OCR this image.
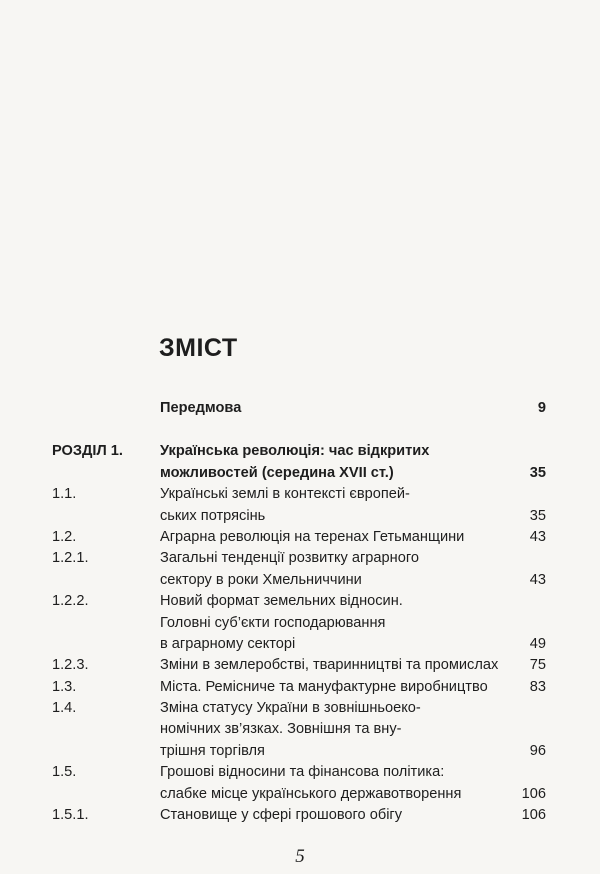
ЗМІСТ
Передмова	9
РОЗДІЛ 1.	Українська революція: час відкритих
можливостей (середина XVII ст.)	35
1.1.	Українські землі в контексті європей-
ських потрясінь	35
1.2.	Аграрна революція на теренах Гетьманщини	43
1.2.1.	Загальні тенденції розвитку аграрного
сектору в роки Хмельниччини	43
1.2.2.	Новий формат земельних відносин.
Головні суб’єкти господарювання
в аграрному секторі	49
1.2.3.	Зміни в землеробстві, тваринництві та промислах 75
1.3.	Міста. Ремісниче та мануфактурне виробництво	83
1.4.	Зміна статусу України в зовнішньоеко-
номічних зв’язках. Зовнішня та вну-
трішня торгівля	96
1.5.	Грошові відносини та фінансова політика:
слабке місце українського державотворення	106
1.5.1.	Становище у сфері грошового обігу	106
5
